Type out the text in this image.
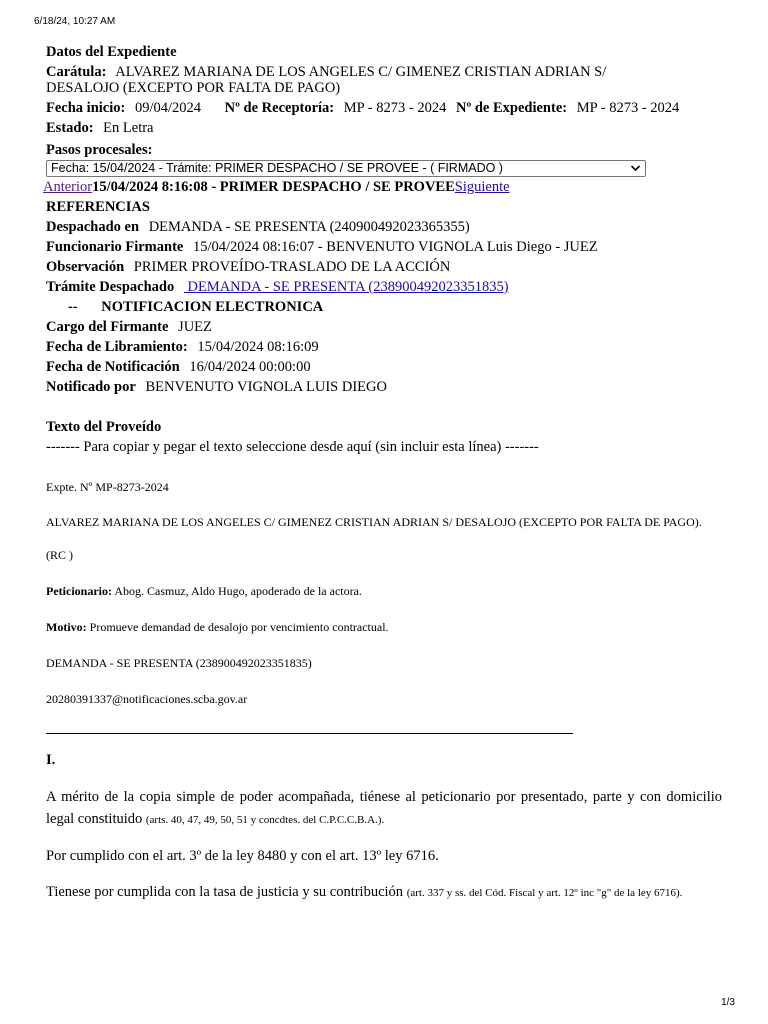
6/18/24, 10:27 AM
Datos del Expediente
Carátula: ALVAREZ MARIANA DE LOS ANGELES C/ GIMENEZ CRISTIAN ADRIAN S/
DESALOJO (EXCEPTO POR FALTA DE PAGO)
Fecha inicio: 09/04/2024 Nº de Receptoría: MP - 8273 - 2024 Nº de Expediente: MP - 8273 - 2024
Estado: En Letra
Pasos procesales:
Fecha: 15/04/2024 - Trámite: PRIMER DESPACHO / SE PROVEE - ( FIRMADO )
Anterior15/04/2024 8:16:08 - PRIMER DESPACHO / SE PROVEESiguiente
REFERENCIAS
Despachado en DEMANDA - SE PRESENTA (240900492023365355)
Funcionario Firmante 15/04/2024 08:16:07 - BENVENUTO VIGNOLA Luis Diego - JUEZ
Observación PRIMER PROVEÍDO-TRASLADO DE LA ACCIÓN
Trámite Despachado DEMANDA - SE PRESENTA (238900492023351835)
-- NOTIFICACION ELECTRONICA
Cargo del Firmante JUEZ
Fecha de Libramiento: 15/04/2024 08:16:09
Fecha de Notificación 16/04/2024 00:00:00
Notificado por BENVENUTO VIGNOLA LUIS DIEGO
Texto del Proveído
------- Para copiar y pegar el texto seleccione desde aquí (sin incluir esta línea) -------

Expte. Nº MP-8273-2024

ALVAREZ MARIANA DE LOS ANGELES C/ GIMENEZ CRISTIAN ADRIAN S/ DESALOJO (EXCEPTO POR FALTA DE PAGO).

(RC )

Peticionario: Abog. Casmuz, Aldo Hugo, apoderado de la actora.

Motivo: Promueve demandad de desalojo por vencimiento contractual.

DEMANDA - SE PRESENTA (238900492023351835)

20280391337@notificaciones.scba.gov.ar

I.

A mérito de la copia simple de poder acompañada, tiénese al peticionario por presentado, parte y con domicilio legal constituido (arts. 40, 47, 49, 50, 51 y concdtes. del C.P.C.C.B.A.).

Por cumplido con el art. 3º de la ley 8480 y con el art. 13º ley 6716.

Tienese por cumplida con la tasa de justicia y su contribución (art. 337 y ss. del Cód. Fiscal y art. 12º inc "g" de la ley 6716).

1/3
